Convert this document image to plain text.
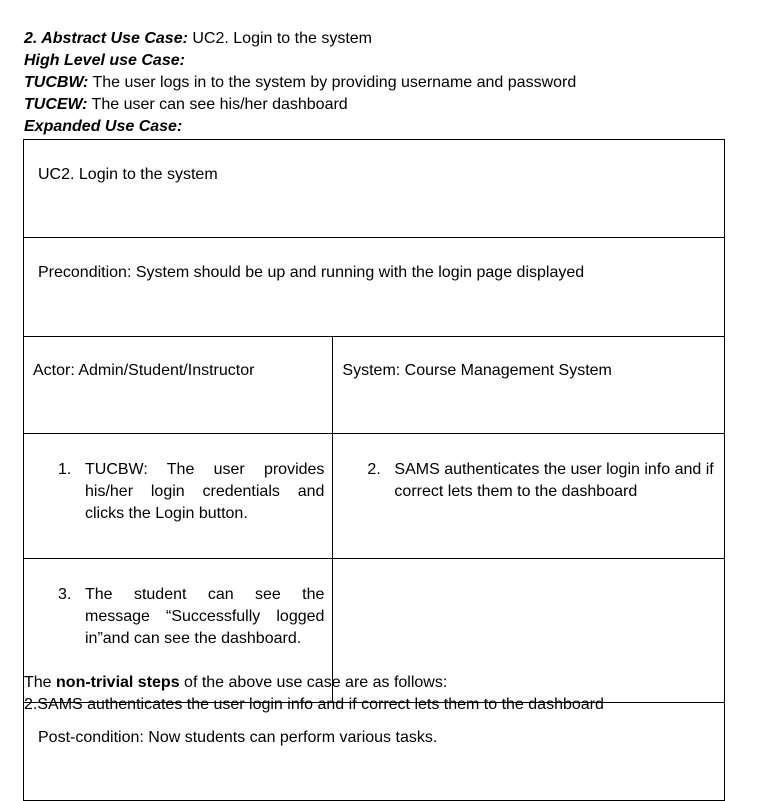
2. Abstract Use Case: UC2. Login to the system
High Level use Case:
TUCBW: The user logs in to the system by providing username and password
TUCEW: The user can see his/her dashboard
Expanded Use Case:
UC2. Login to the system	
Precondition: System should be up and running with the login page displayed	
Actor: Admin/Student/Instructor	System: Course Management System

1. TUCBW: The user provides his/her login credentials and clicks the Login button.	2. SAMS authenticates the user login info and if correct lets them to the dashboard

3. The student can see the message “Successfully logged in”and can see the dashboard.	

Post-condition: Now students can perform various tasks.	
The non-trivial steps of the above use case are as follows:
2.SAMS authenticates the user login info and if correct lets them to the dashboard
